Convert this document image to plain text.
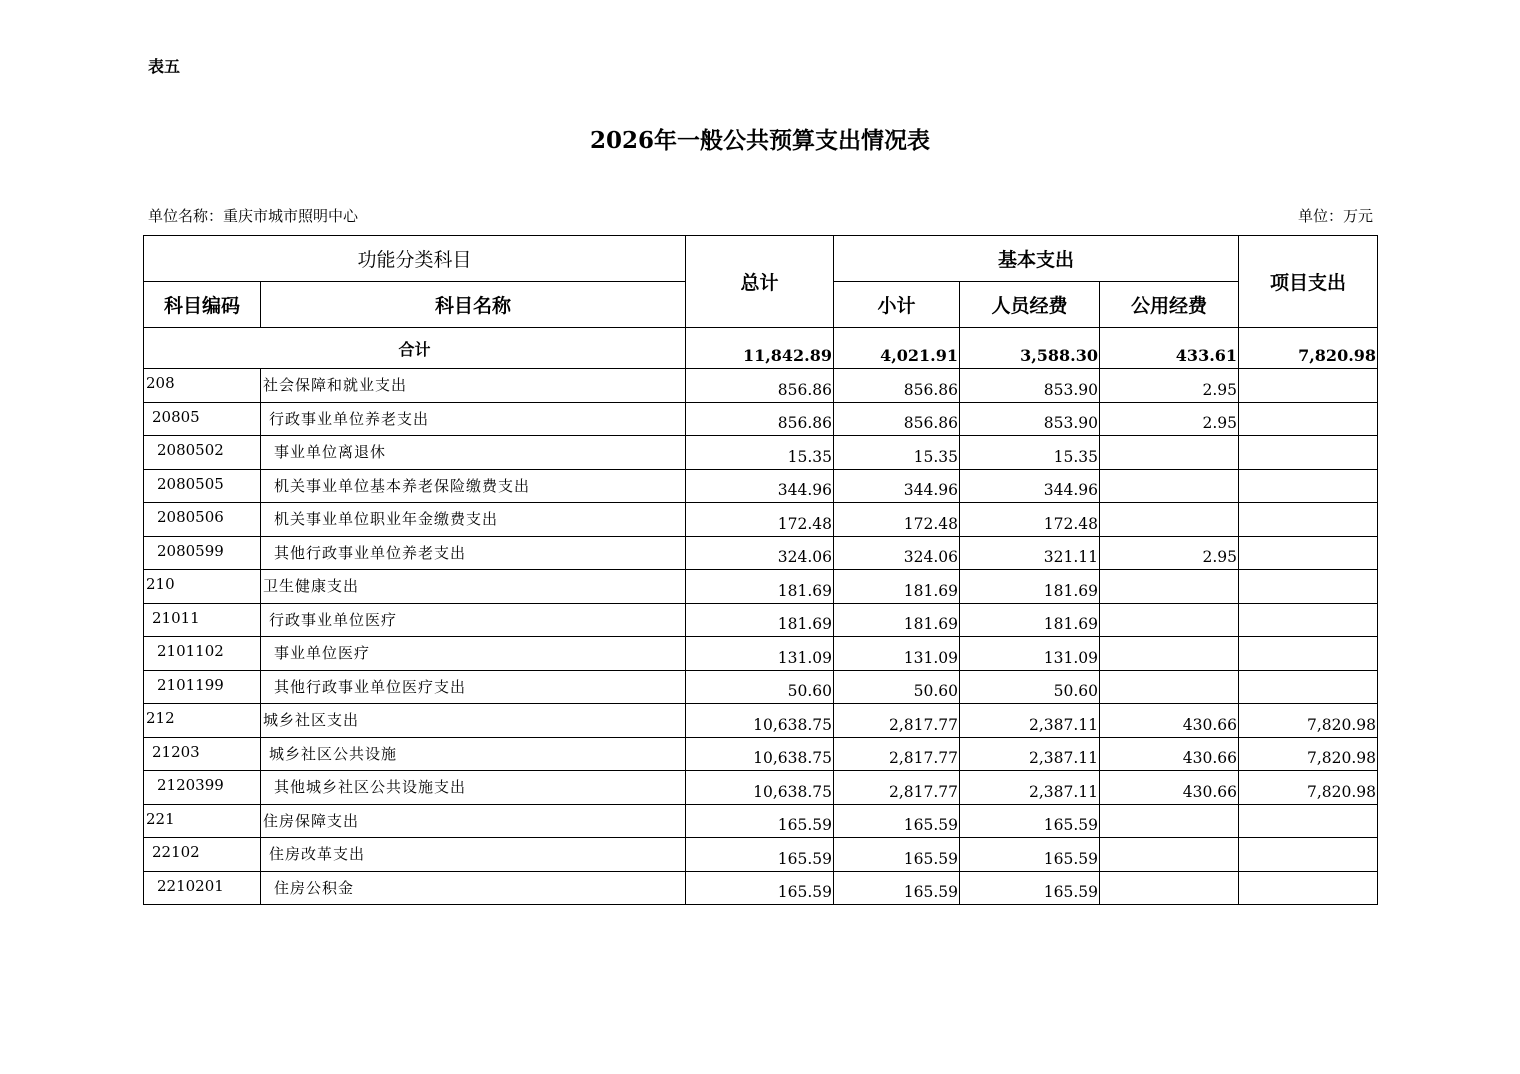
表五
2026年一般公共预算支出情况表
单位名称：重庆市城市照明中心	单位：万元
功能分类科目		总计	基本支出			项目支出
科目编码	科目名称		小计	人员经费	公用经费	
合计		11,842.89	4,021.91	3,588.30	433.61	7,820.98
208	社会保障和就业支出	856.86	856.86	853.90	2.95	
20805	行政事业单位养老支出	856.86	856.86	853.90	2.95	
2080502	事业单位离退休	15.35	15.35	15.35		
2080505	机关事业单位基本养老保险缴费支出	344.96	344.96	344.96		
2080506	机关事业单位职业年金缴费支出	172.48	172.48	172.48		
2080599	其他行政事业单位养老支出	324.06	324.06	321.11	2.95	
210	卫生健康支出	181.69	181.69	181.69		
21011	行政事业单位医疗	181.69	181.69	181.69		
2101102	事业单位医疗	131.09	131.09	131.09		
2101199	其他行政事业单位医疗支出	50.60	50.60	50.60		
212	城乡社区支出	10,638.75	2,817.77	2,387.11	430.66	7,820.98
21203	城乡社区公共设施	10,638.75	2,817.77	2,387.11	430.66	7,820.98
2120399	其他城乡社区公共设施支出	10,638.75	2,817.77	2,387.11	430.66	7,820.98
221	住房保障支出	165.59	165.59	165.59		
22102	住房改革支出	165.59	165.59	165.59		
2210201	住房公积金	165.59	165.59	165.59		
